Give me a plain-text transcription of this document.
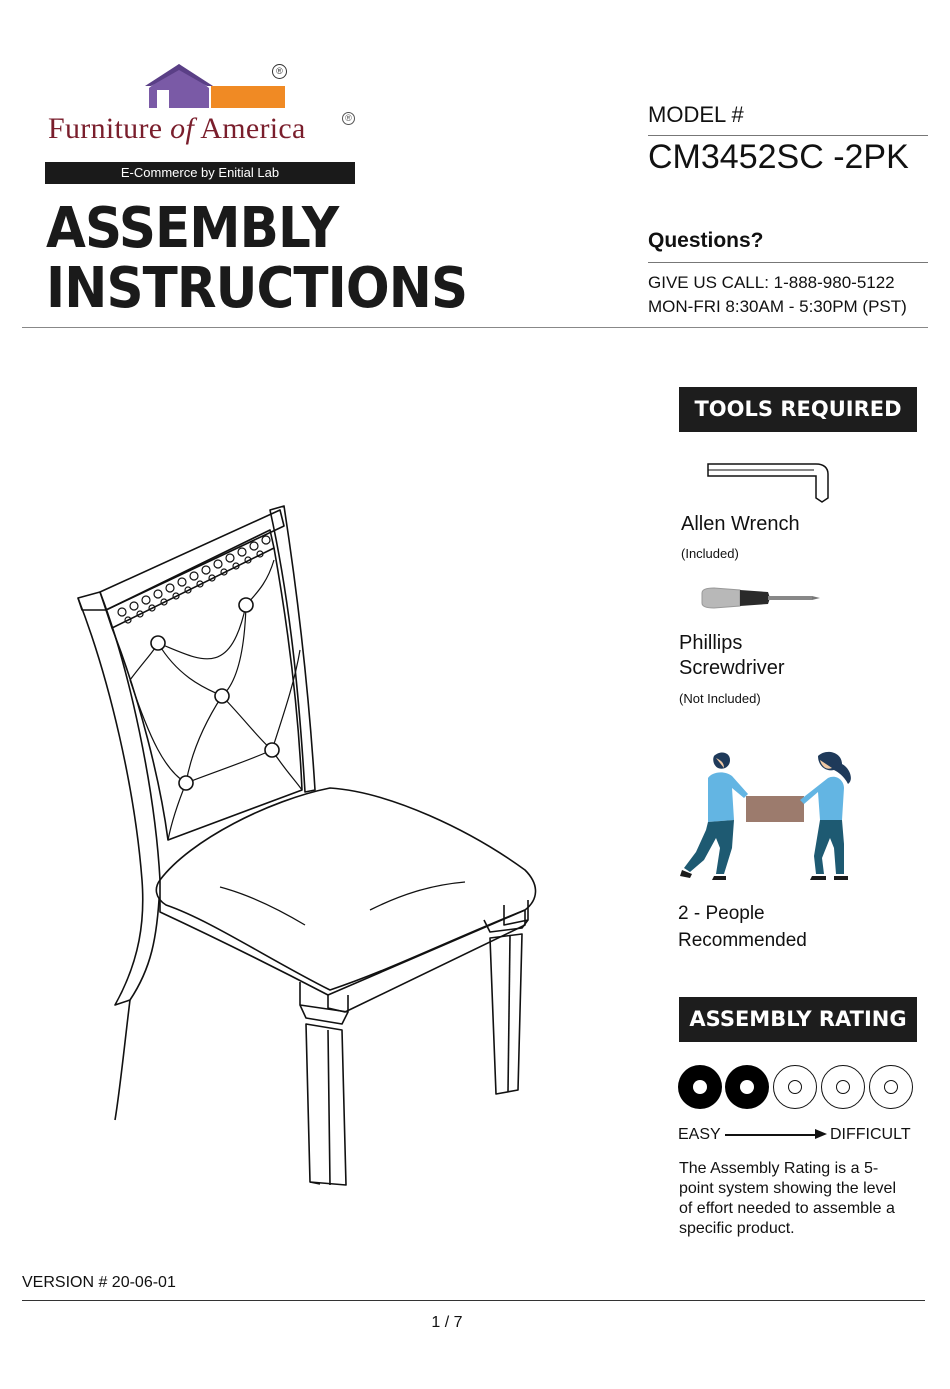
®
Furniture of America	®
E-Commerce by Enitial Lab
ASSEMBLY
INSTRUCTIONS
MODEL #
CM3452SC -2PK
Questions?
GIVE US CALL: 1-888-980-5122
MON-FRI 8:30AM - 5:30PM (PST)
TOOLS REQUIRED
Allen Wrench
(Included)
Phillips Screwdriver
(Not Included)
2 - People Recommended
ASSEMBLY RATING
EASY	DIFFICULT
The Assembly Rating is a 5-point system showing the level of effort needed to assemble a specific product.
VERSION # 20-06-01
1 / 7
